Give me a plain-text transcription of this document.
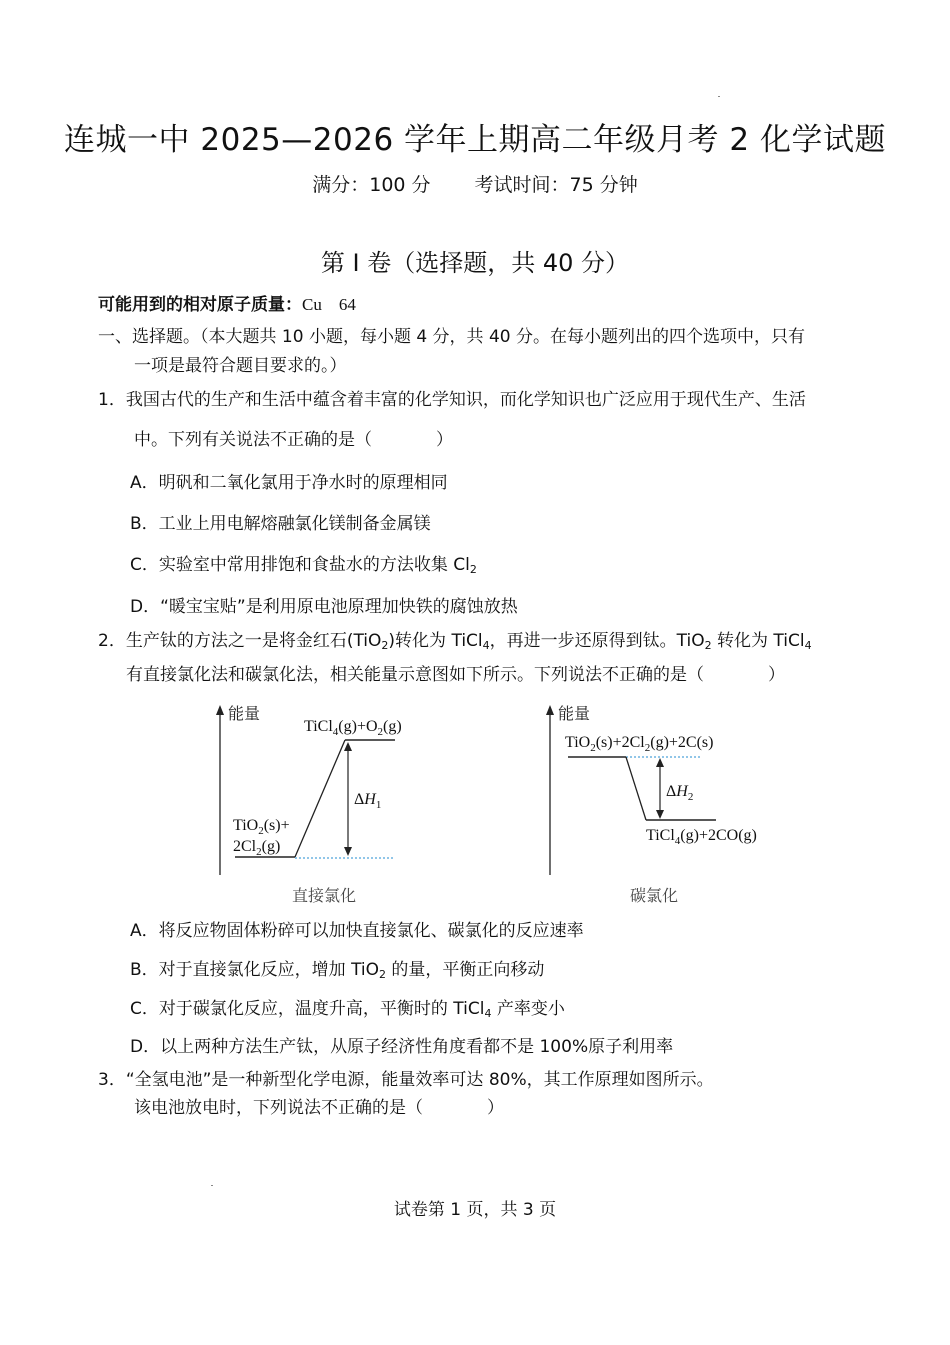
连城一中 2025—2026 学年上期高二年级月考 2 化学试题
满分：100 分 考试时间：75 分钟
第 I 卷（选择题，共 40 分）
可能用到的相对原子质量：Cu　64
一、选择题。（本大题共 10 小题，每小题 4 分，共 40 分。在每小题列出的四个选项中，只有
一项是最符合题目要求的。）
1．我国古代的生产和生活中蕴含着丰富的化学知识，而化学知识也广泛应用于现代生产、生活
中。下列有关说法不正确的是（	）
A．明矾和二氧化氯用于净水时的原理相同
B．工业上用电解熔融氯化镁制备金属镁
C．实验室中常用排饱和食盐水的方法收集 $Cl_2$
D．“暖宝宝贴”是利用原电池原理加快铁的腐蚀放热
2．生产钛的方法之一是将金红石(TiO$_2$)转化为 TiCl$_4$，再进一步还原得到钛。TiO$_2$ 转化为 TiCl$_4$
有直接氯化法和碳氯化法，相关能量示意图如下所示。下列说法不正确的是（	）
能量
$TiCl_4(g)+O_2(g)$
TiO$_2$(s)+
$2Cl_2(g)$
$\Delta H_1$
直接氯化
能量
$TiO_2(s)+2Cl_2(g)+2C(s)$
$\Delta H_2$
TiCl$_4$(g)+2CO(g)
碳氯化
A．将反应物固体粉碎可以加快直接氯化、碳氯化的反应速率
B．对于直接氯化反应，增加 TiO$_2$ 的量，平衡正向移动
C．对于碳氯化反应，温度升高，平衡时的 TiCl$_4$ 产率变小
D．以上两种方法生产钛，从原子经济性角度看都不是 100%原子利用率
3．“全氢电池”是一种新型化学电源，能量效率可达 80%，其工作原理如图所示。
该电池放电时，下列说法不正确的是（	）
试卷第 1 页，共 3 页
